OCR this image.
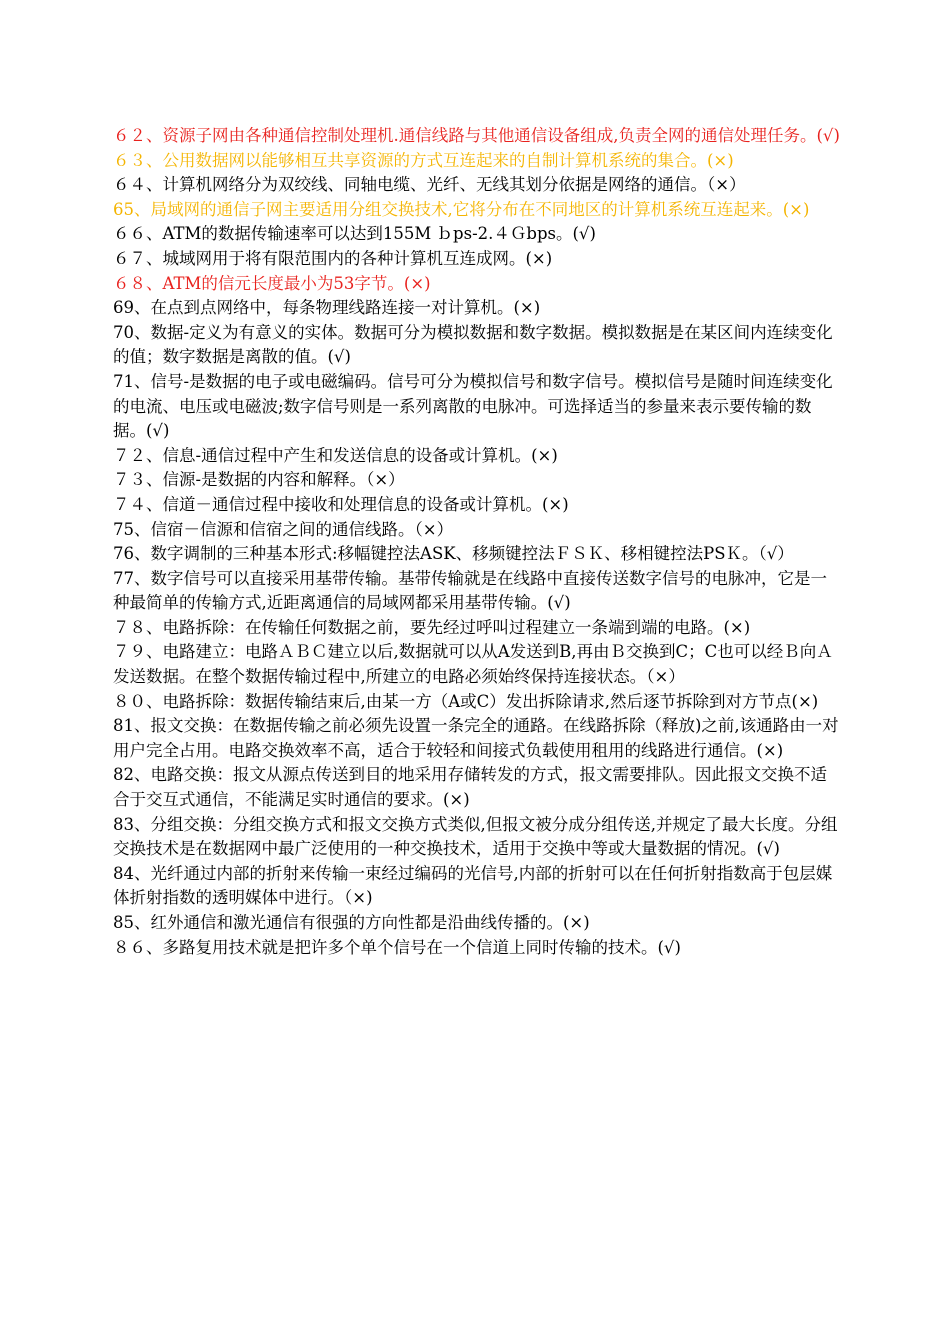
６２、资源子网由各种通信控制处理机.通信线路与其他通信设备组成,负责全网的通信处理任务。(√)

６３、公用数据网以能够相互共享资源的方式互连起来的自制计算机系统的集合。(×)

６４、计算机网络分为双绞线、同轴电缆、光纤、无线其划分依据是网络的通信。（×）

65、局域网的通信子网主要适用分组交换技术,它将分布在不同地区的计算机系统互连起来。(×)

６６、ATM的数据传输速率可以达到155M ｂps-2.４Ｇbps。(√)

６７、城域网用于将有限范围内的各种计算机互连成网。(×)

６８、ATM的信元长度最小为53字节。(×)

69、在点到点网络中，每条物理线路连接一对计算机。(×)

70、数据-定义为有意义的实体。数据可分为模拟数据和数字数据。模拟数据是在某区间内连续变化的值；数字数据是离散的值。(√)

71、信号-是数据的电子或电磁编码。信号可分为模拟信号和数字信号。模拟信号是随时间连续变化的电流、电压或电磁波;数字信号则是一系列离散的电脉冲。可选择适当的参量来表示要传输的数据。(√)

７２、信息-通信过程中产生和发送信息的设备或计算机。(×)

７３、信源-是数据的内容和解释。（×）

７４、信道－通信过程中接收和处理信息的设备或计算机。(×)

75、信宿－信源和信宿之间的通信线路。（×）

76、数字调制的三种基本形式:移幅键控法ASK、移频键控法ＦＳＫ、移相键控法PSＫ。（√）

77、数字信号可以直接采用基带传输。基带传输就是在线路中直接传送数字信号的电脉冲，它是一种最简单的传输方式,近距离通信的局域网都采用基带传输。(√)

７８、电路拆除：在传输任何数据之前，要先经过呼叫过程建立一条端到端的电路。(×)

７９、电路建立：电路ＡＢＣ建立以后,数据就可以从A发送到B,再由Ｂ交换到C；C也可以经Ｂ向Ａ发送数据。在整个数据传输过程中,所建立的电路必须始终保持连接状态。（×）

８０、电路拆除：数据传输结束后,由某一方（A或C）发出拆除请求,然后逐节拆除到对方节点(×)

81、报文交换：在数据传输之前必须先设置一条完全的通路。在线路拆除（释放)之前,该通路由一对用户完全占用。电路交换效率不高，适合于较轻和间接式负载使用租用的线路进行通信。(×)

82、电路交换：报文从源点传送到目的地采用存储转发的方式，报文需要排队。因此报文交换不适合于交互式通信，不能满足实时通信的要求。(×)

83、分组交换：分组交换方式和报文交换方式类似,但报文被分成分组传送,并规定了最大长度。分组交换技术是在数据网中最广泛使用的一种交换技术，适用于交换中等或大量数据的情况。(√)

84、光纤通过内部的折射来传输一束经过编码的光信号,内部的折射可以在任何折射指数高于包层媒体折射指数的透明媒体中进行。（×)

85、红外通信和激光通信有很强的方向性都是沿曲线传播的。(×)

８６、多路复用技术就是把许多个单个信号在一个信道上同时传输的技术。(√)
